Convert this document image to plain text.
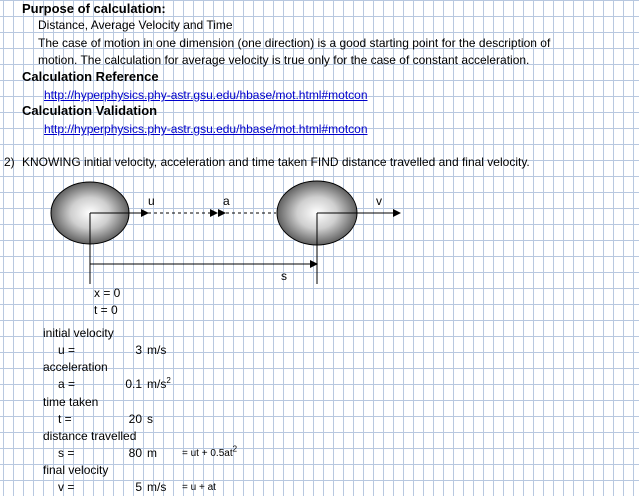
Purpose of calculation:
Distance, Average Velocity and Time
The case of motion in one dimension (one direction) is a good starting point for the description of
motion. The calculation for average velocity is true only for the case of constant acceleration.
Calculation Reference
http://hyperphysics.phy-astr.gsu.edu/hbase/mot.html#motcon
Calculation Validation
http://hyperphysics.phy-astr.gsu.edu/hbase/mot.html#motcon
2) KNOWING initial velocity, acceleration and time taken FIND distance travelled and final velocity.
u	a	v
s
x = 0
t = 0
initial velocity
u =	3 m/s
acceleration
a =	0.1 $m/s^2$
time taken
t =	20 s
distance travelled
s =	80 m	= ut + $0.5at^2$
final velocity
v =	5 m/s = u + at
